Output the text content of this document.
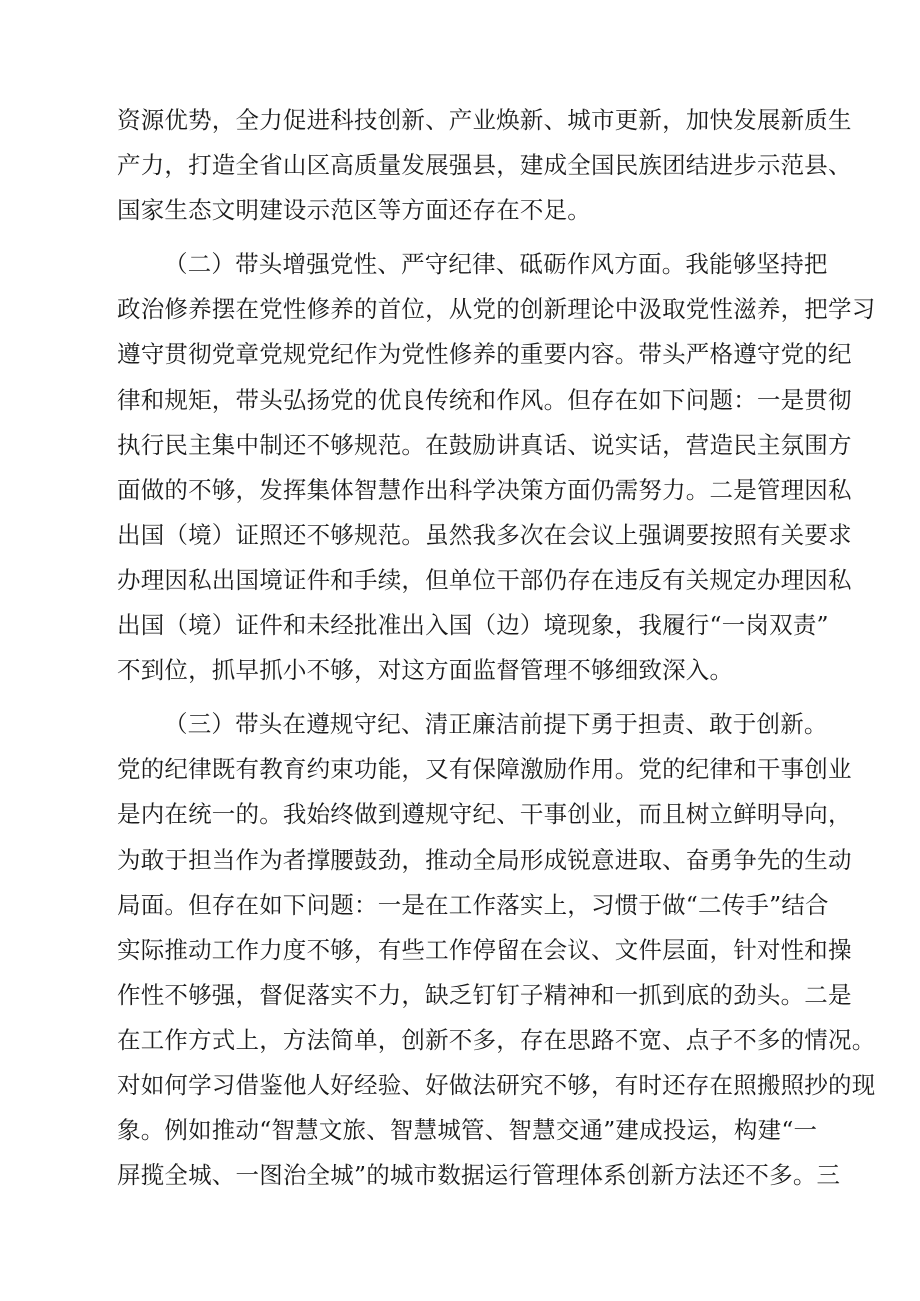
资源优势，全力促进科技创新、产业焕新、城市更新，加快发展新质生
产力，打造全省山区高质量发展强县，建成全国民族团结进步示范县、
国家生态文明建设示范区等方面还存在不足。
（二）带头增强党性、严守纪律、砥砺作风方面。我能够坚持把
政治修养摆在党性修养的首位，从党的创新理论中汲取党性滋养，把学习
遵守贯彻党章党规党纪作为党性修养的重要内容。带头严格遵守党的纪
律和规矩，带头弘扬党的优良传统和作风。但存在如下问题：一是贯彻
执行民主集中制还不够规范。在鼓励讲真话、说实话，营造民主氛围方
面做的不够，发挥集体智慧作出科学决策方面仍需努力。二是管理因私
出国（境）证照还不够规范。虽然我多次在会议上强调要按照有关要求
办理因私出国境证件和手续，但单位干部仍存在违反有关规定办理因私
出国（境）证件和未经批准出入国（边）境现象，我履行“一岗双责”
不到位，抓早抓小不够，对这方面监督管理不够细致深入。
（三）带头在遵规守纪、清正廉洁前提下勇于担责、敢于创新。
党的纪律既有教育约束功能，又有保障激励作用。党的纪律和干事创业
是内在统一的。我始终做到遵规守纪、干事创业，而且树立鲜明导向，
为敢于担当作为者撑腰鼓劲，推动全局形成锐意进取、奋勇争先的生动
局面。但存在如下问题：一是在工作落实上，习惯于做“二传手”结合
实际推动工作力度不够，有些工作停留在会议、文件层面，针对性和操
作性不够强，督促落实不力，缺乏钉钉子精神和一抓到底的劲头。二是
在工作方式上，方法简单，创新不多，存在思路不宽、点子不多的情况。
对如何学习借鉴他人好经验、好做法研究不够，有时还存在照搬照抄的现
象。例如推动“智慧文旅、智慧城管、智慧交通”建成投运，构建“一
屏揽全城、一图治全城”的城市数据运行管理体系创新方法还不多。三
